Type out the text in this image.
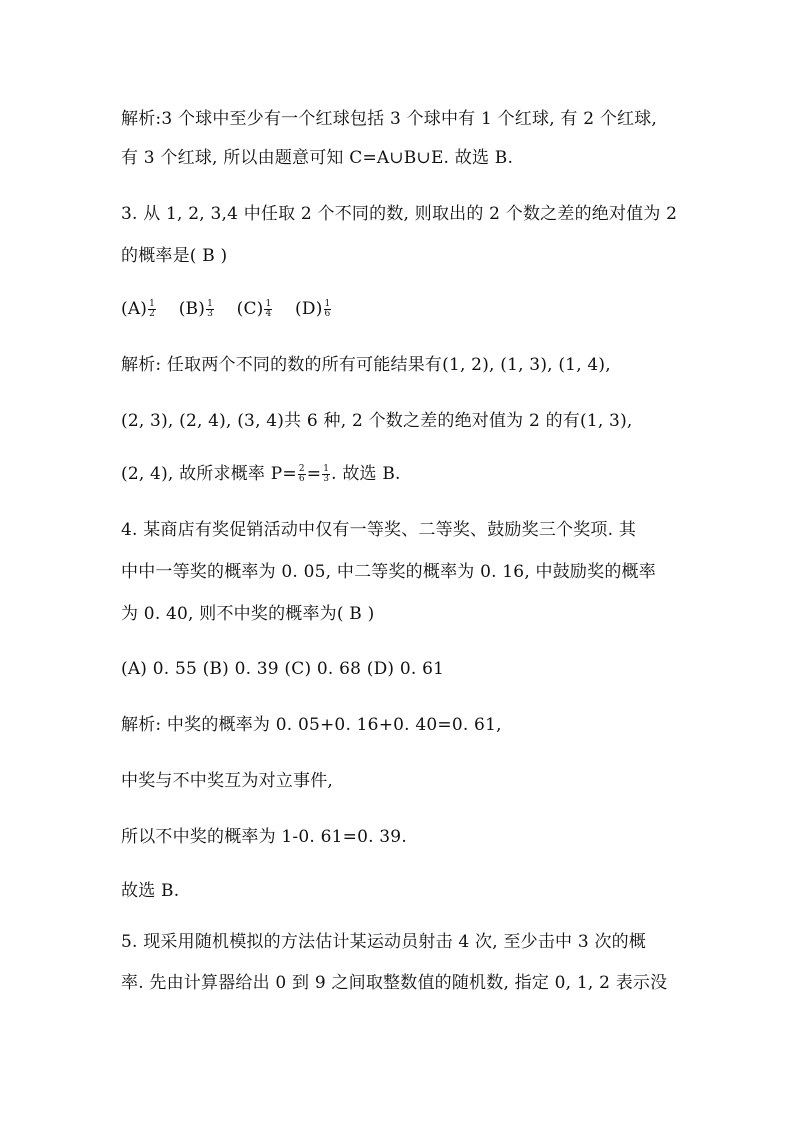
解析:3 个球中至少有一个红球包括 3 个球中有 1 个红球, 有 2 个红球,
有 3 个红球, 所以由题意可知 C=A∪B∪E. 故选 B.
3. 从 1, 2, 3,4 中任取 2 个不同的数, 则取出的 2 个数之差的绝对值为 2
的概率是( B )
$(A) \frac{1}{2} (B) \frac{1}{3} (C) \frac{1}{4} (D) \frac{1}{6}$
解析: 任取两个不同的数的所有可能结果有(1, 2), (1, 3), (1, 4),
(2, 3), (2, 4), (3, 4)共 6 种, 2 个数之差的绝对值为 2 的有(1, 3),
(2, 4), 故所求概率 $P= \frac{2}{6} = \frac{1}{3}$ . 故选 B.
4. 某商店有奖促销活动中仅有一等奖、二等奖、鼓励奖三个奖项. 其
中中一等奖的概率为 0. 05, 中二等奖的概率为 0. 16, 中鼓励奖的概率
为 0. 40, 则不中奖的概率为( B )
(A) 0. 55 (B) 0. 39 (C) 0. 68 (D) 0. 61
解析: 中奖的概率为 0. 05+0. 16+0. 40=0. 61,
中奖与不中奖互为对立事件,
所以不中奖的概率为 1-0. 61=0. 39.
故选 B.
5. 现采用随机模拟的方法估计某运动员射击 4 次, 至少击中 3 次的概
率. 先由计算器给出 0 到 9 之间取整数值的随机数, 指定 0, 1, 2 表示没
